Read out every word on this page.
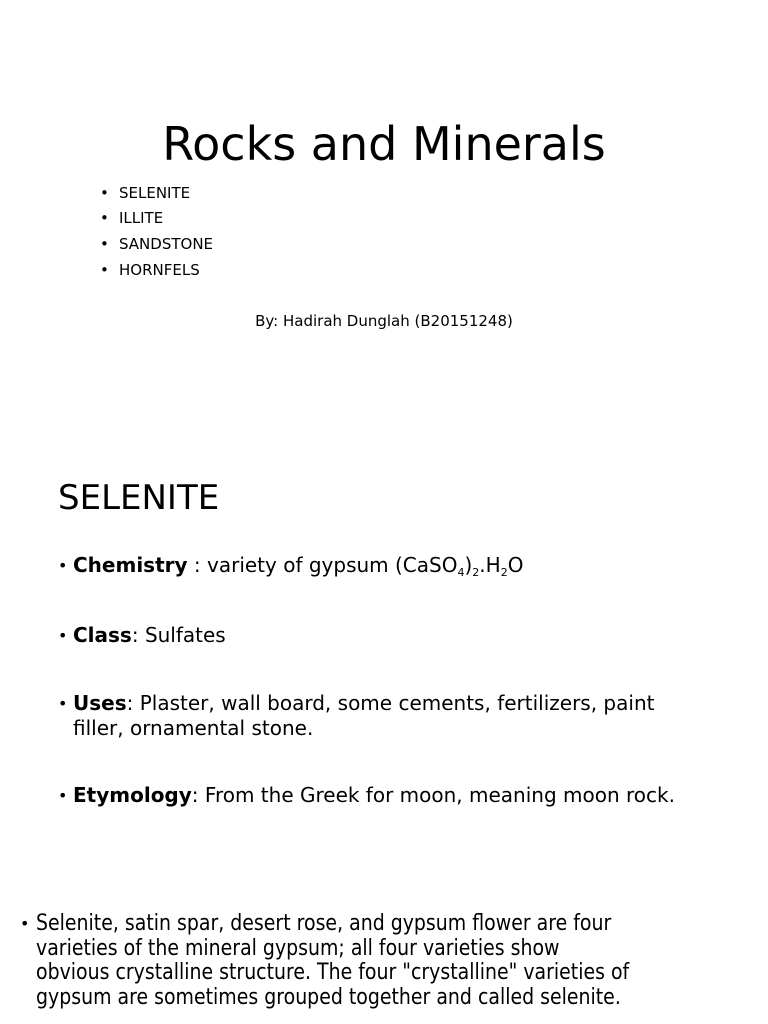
Rocks and Minerals
• SELENITE
• ILLITE
• SANDSTONE
• HORNFELS
By: Hadirah Dunglah (B20151248)
SELENITE
• Chemistry : variety of gypsum $(CaSO_4)_2.H_2O$
• Class: Sulfates
• Uses: Plaster, wall board, some cements, fertilizers, paint filler, ornamental stone.
• Etymology: From the Greek for moon, meaning moon rock.
• Selenite, satin spar, desert rose, and gypsum flower are four
varieties of the mineral gypsum; all four varieties show
obvious crystalline structure. The four "crystalline" varieties of
gypsum are sometimes grouped together and called selenite.
